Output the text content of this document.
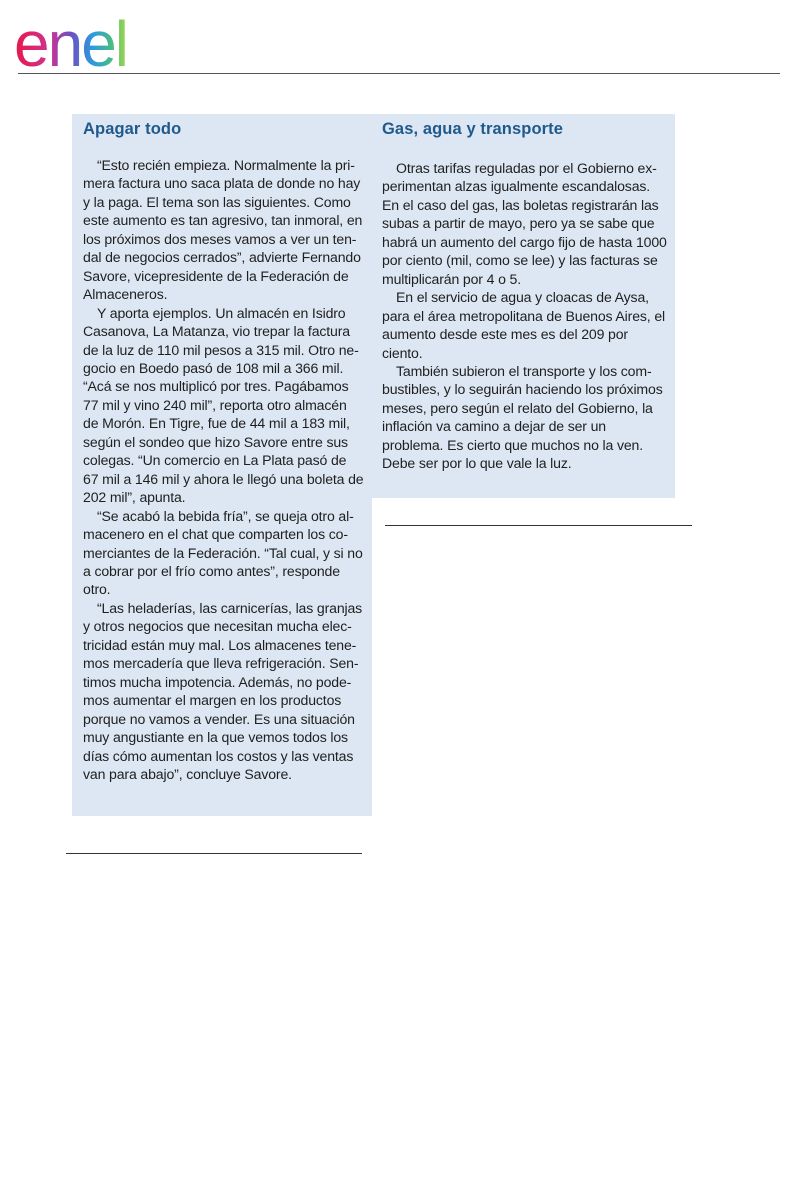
enel
Apagar todo

“Esto recién empieza. Normalmente la primera factura uno saca plata de donde no hay y la paga. El tema son las siguientes. Como este aumento es tan agresivo, tan inmoral, en los próximos dos meses vamos a ver un tendal de negocios cerrados”, advierte Fernando Savore, vicepresidente de la Federación de Almaceneros.

Y aporta ejemplos. Un almacén en Isidro Casanova, La Matanza, vio trepar la factura de la luz de 110 mil pesos a 315 mil. Otro negocio en Boedo pasó de 108 mil a 366 mil. “Acá se nos multiplicó por tres. Pagábamos 77 mil y vino 240 mil”, reporta otro almacén de Morón. En Tigre, fue de 44 mil a 183 mil, según el sondeo que hizo Savore entre sus colegas. “Un comercio en La Plata pasó de 67 mil a 146 mil y ahora le llegó una boleta de 202 mil”, apunta.

“Se acabó la bebida fría”, se queja otro almacenero en el chat que comparten los comerciantes de la Federación. “Tal cual, y si no a cobrar por el frío como antes”, responde otro.

“Las heladerías, las carnicerías, las granjas y otros negocios que necesitan mucha electricidad están muy mal. Los almacenes tenemos mercadería que lleva refrigeración. Sentimos mucha impotencia. Además, no podemos aumentar el margen en los productos porque no vamos a vender. Es una situación muy angustiante en la que vemos todos los días cómo aumentan los costos y las ventas van para abajo”, concluye Savore.

Gas, agua y transporte

Otras tarifas reguladas por el Gobierno experimentan alzas igualmente escandalosas. En el caso del gas, las boletas registrarán las subas a partir de mayo, pero ya se sabe que habrá un aumento del cargo fijo de hasta 1000 por ciento (mil, como se lee) y las facturas se multiplicarán por 4 o 5.

En el servicio de agua y cloacas de Aysa, para el área metropolitana de Buenos Aires, el aumento desde este mes es del 209 por ciento.

También subieron el transporte y los combustibles, y lo seguirán haciendo los próximos meses, pero según el relato del Gobierno, la inflación va camino a dejar de ser un problema. Es cierto que muchos no la ven. Debe ser por lo que vale la luz.
